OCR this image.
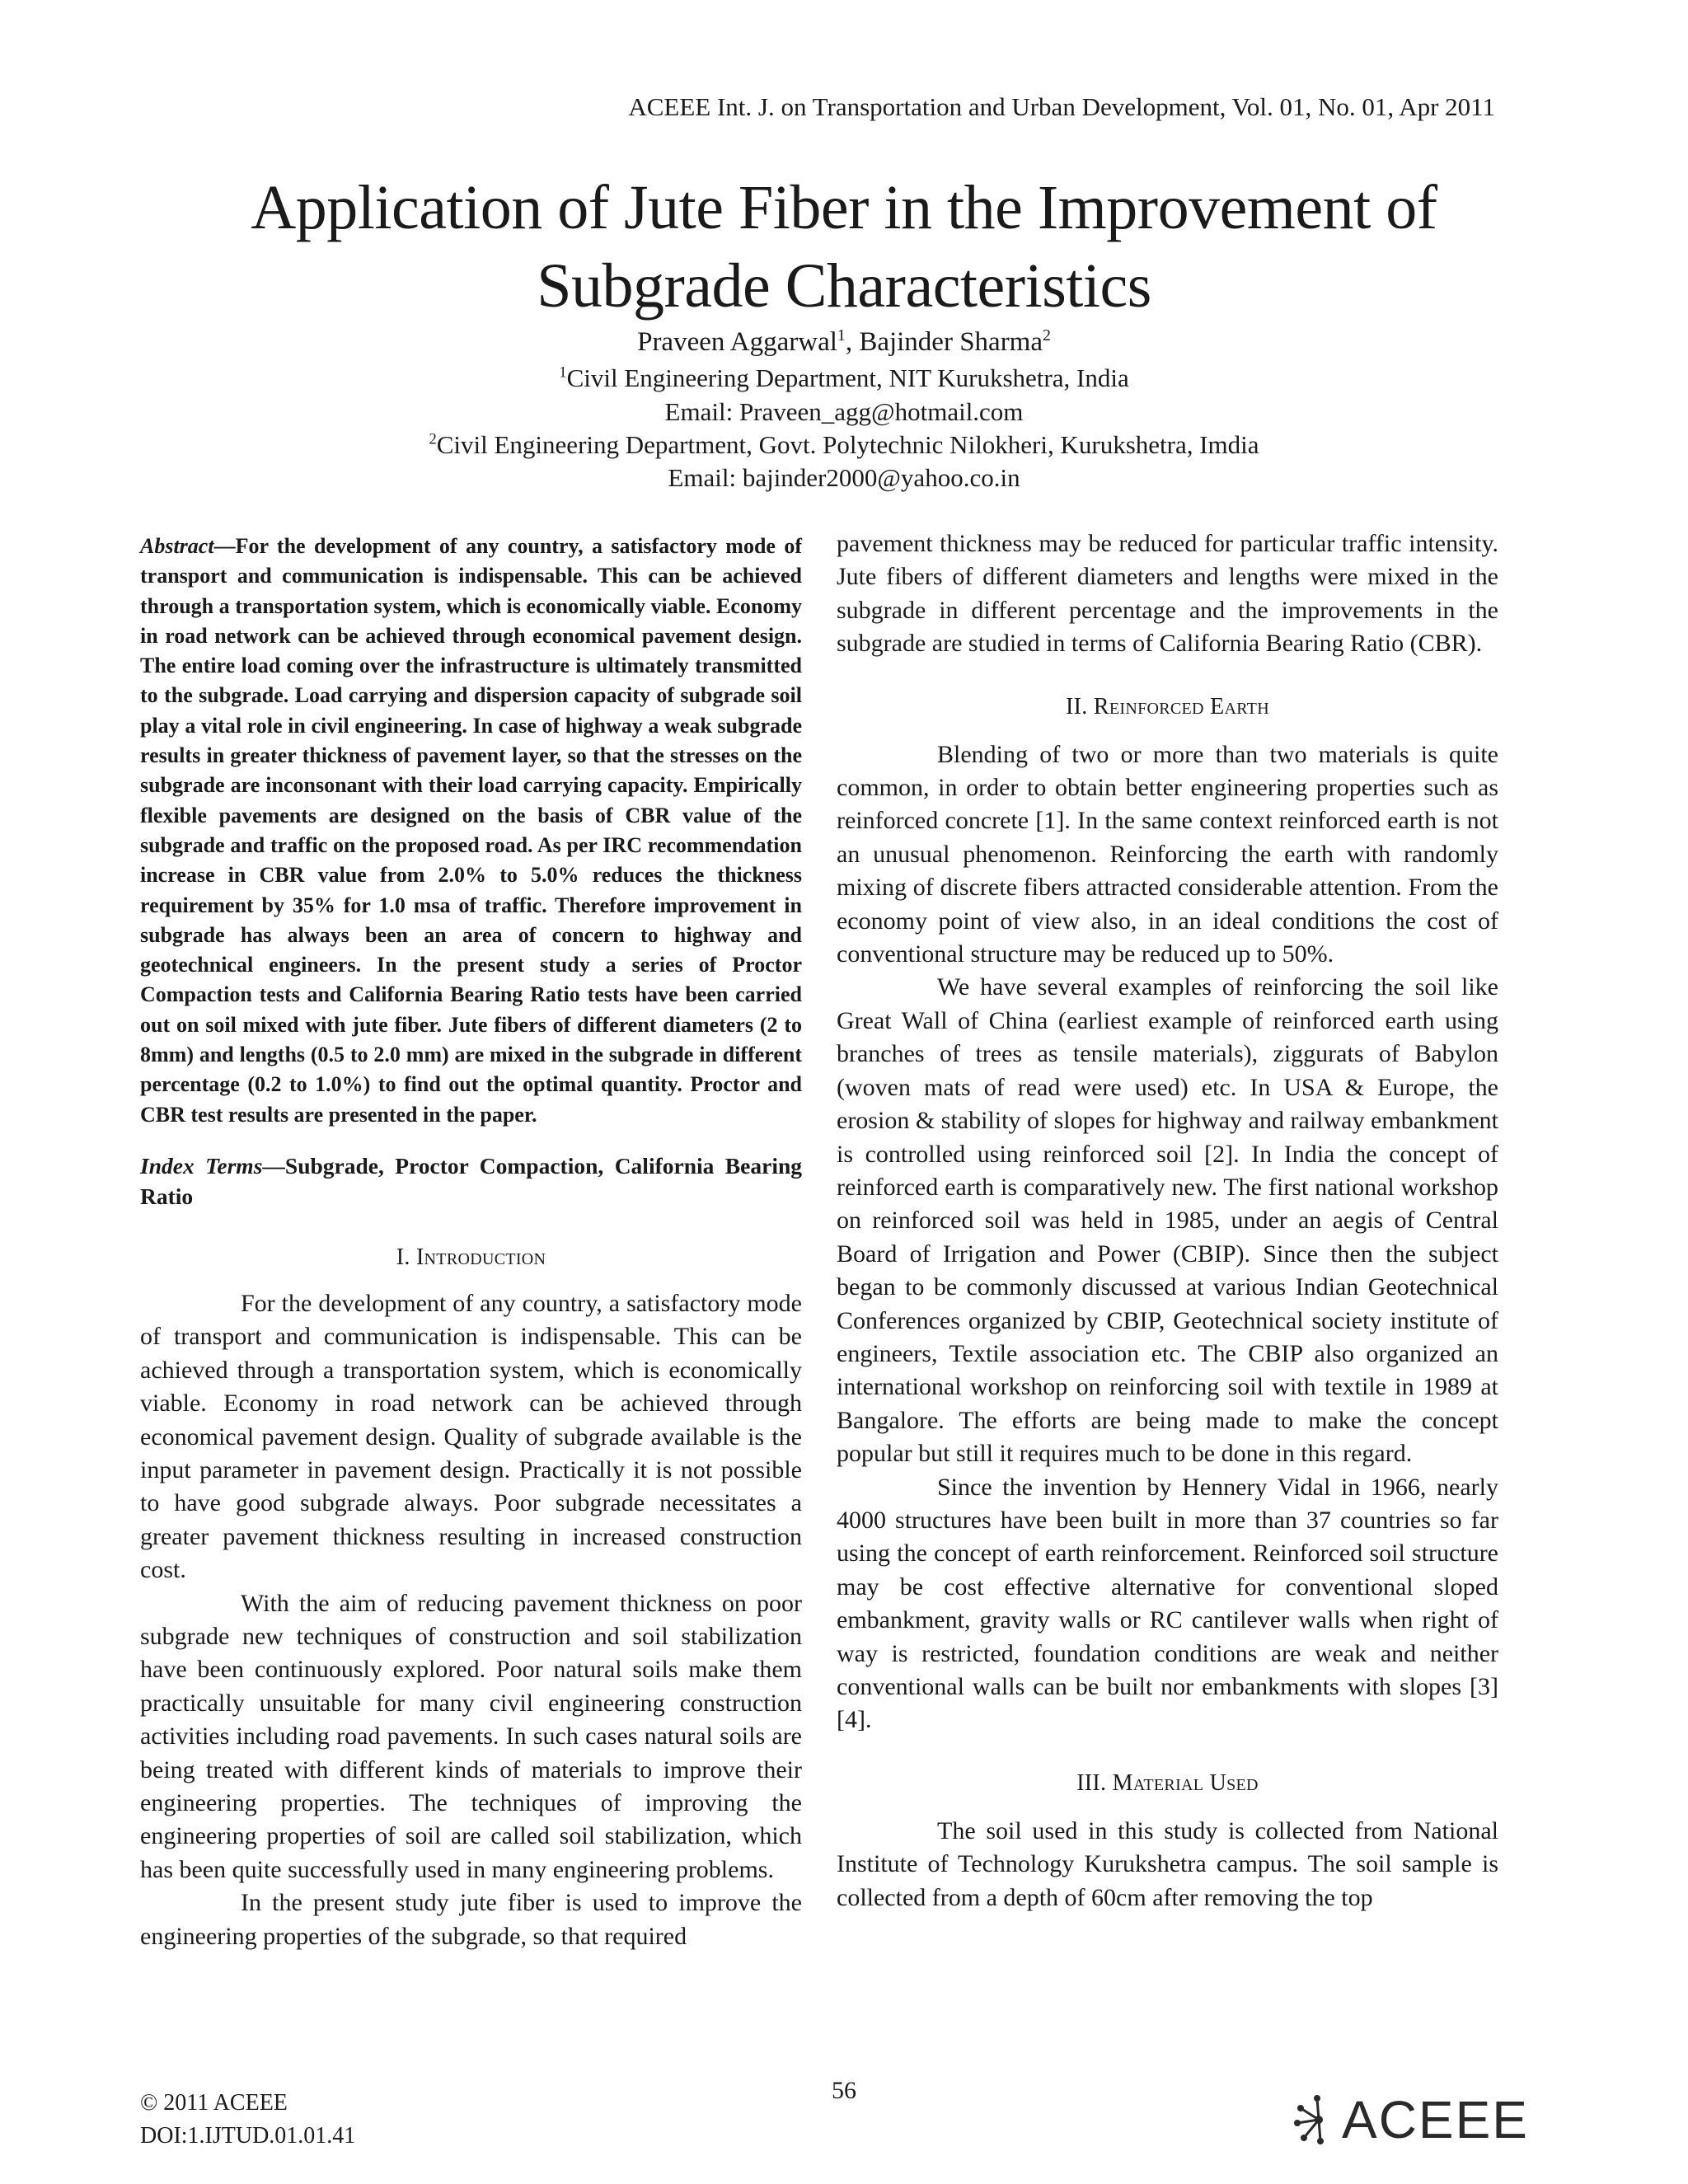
ACEEE Int. J. on Transportation and Urban Development, Vol. 01, No. 01, Apr 2011
Application of Jute Fiber in the Improvement of
Subgrade Characteristics
Praveen Aggarwal$^1$, Bajinder Sharma$^2$
$^1$Civil Engineering Department, NIT Kurukshetra, India
Email: Praveen_agg@hotmail.com
$^2$Civil Engineering Department, Govt. Polytechnic Nilokheri, Kurukshetra, Imdia
Email: bajinder2000@yahoo.co.in

Abstract—For the development of any country, a satisfactory mode of transport and communication is indispensable. This can be achieved through a transportation system, which is economically viable. Economy in road network can be achieved through economical pavement design. The entire load coming over the infrastructure is ultimately transmitted to the subgrade. Load carrying and dispersion capacity of subgrade soil play a vital role in civil engineering. In case of highway a weak subgrade results in greater thickness of pavement layer, so that the stresses on the subgrade are inconsonant with their load carrying capacity. Empirically flexible pavements are designed on the basis of CBR value of the subgrade and traffic on the proposed road. As per IRC recommendation increase in CBR value from 2.0% to 5.0% reduces the thickness requirement by 35% for 1.0 msa of traffic. Therefore improvement in subgrade has always been an area of concern to highway and geotechnical engineers. In the present study a series of Proctor Compaction tests and California Bearing Ratio tests have been carried out on soil mixed with jute fiber. Jute fibers of different diameters (2 to 8mm) and lengths (0.5 to 2.0 mm) are mixed in the subgrade in different percentage (0.2 to 1.0%) to find out the optimal quantity. Proctor and CBR test results are presented in the paper.

Index Terms—Subgrade, Proctor Compaction, California Bearing Ratio

I. Introduction

For the development of any country, a satisfactory mode of transport and communication is indispensable. This can be achieved through a transportation system, which is economically viable. Economy in road network can be achieved through economical pavement design. Quality of subgrade available is the input parameter in pavement design. Practically it is not possible to have good subgrade always. Poor subgrade necessitates a greater pavement thickness resulting in increased construction cost.

With the aim of reducing pavement thickness on poor subgrade new techniques of construction and soil stabilization have been continuously explored. Poor natural soils make them practically unsuitable for many civil engineering construction activities including road pavements. In such cases natural soils are being treated with different kinds of materials to improve their engineering properties. The techniques of improving the engineering properties of soil are called soil stabilization, which has been quite successfully used in many engineering problems.

In the present study jute fiber is used to improve the engineering properties of the subgrade, so that required

pavement thickness may be reduced for particular traffic intensity. Jute fibers of different diameters and lengths were mixed in the subgrade in different percentage and the improvements in the subgrade are studied in terms of California Bearing Ratio (CBR).

II. Reinforced Earth

Blending of two or more than two materials is quite common, in order to obtain better engineering properties such as reinforced concrete [1]. In the same context reinforced earth is not an unusual phenomenon. Reinforcing the earth with randomly mixing of discrete fibers attracted considerable attention. From the economy point of view also, in an ideal conditions the cost of conventional structure may be reduced up to 50%.

We have several examples of reinforcing the soil like Great Wall of China (earliest example of reinforced earth using branches of trees as tensile materials), ziggurats of Babylon (woven mats of read were used) etc. In USA & Europe, the erosion & stability of slopes for highway and railway embankment is controlled using reinforced soil [2]. In India the concept of reinforced earth is comparatively new. The first national workshop on reinforced soil was held in 1985, under an aegis of Central Board of Irrigation and Power (CBIP). Since then the subject began to be commonly discussed at various Indian Geotechnical Conferences organized by CBIP, Geotechnical society institute of engineers, Textile association etc. The CBIP also organized an international workshop on reinforcing soil with textile in 1989 at Bangalore. The efforts are being made to make the concept popular but still it requires much to be done in this regard.

Since the invention by Hennery Vidal in 1966, nearly 4000 structures have been built in more than 37 countries so far using the concept of earth reinforcement. Reinforced soil structure may be cost effective alternative for conventional sloped embankment, gravity walls or RC cantilever walls when right of way is restricted, foundation conditions are weak and neither conventional walls can be built nor embankments with slopes [3][4].

III. Material Used

The soil used in this study is collected from National Institute of Technology Kurukshetra campus. The soil sample is collected from a depth of 60cm after removing the top

© 2011 ACEEE
DOI:1.IJTUD.01.01.41
56	ACEEE
